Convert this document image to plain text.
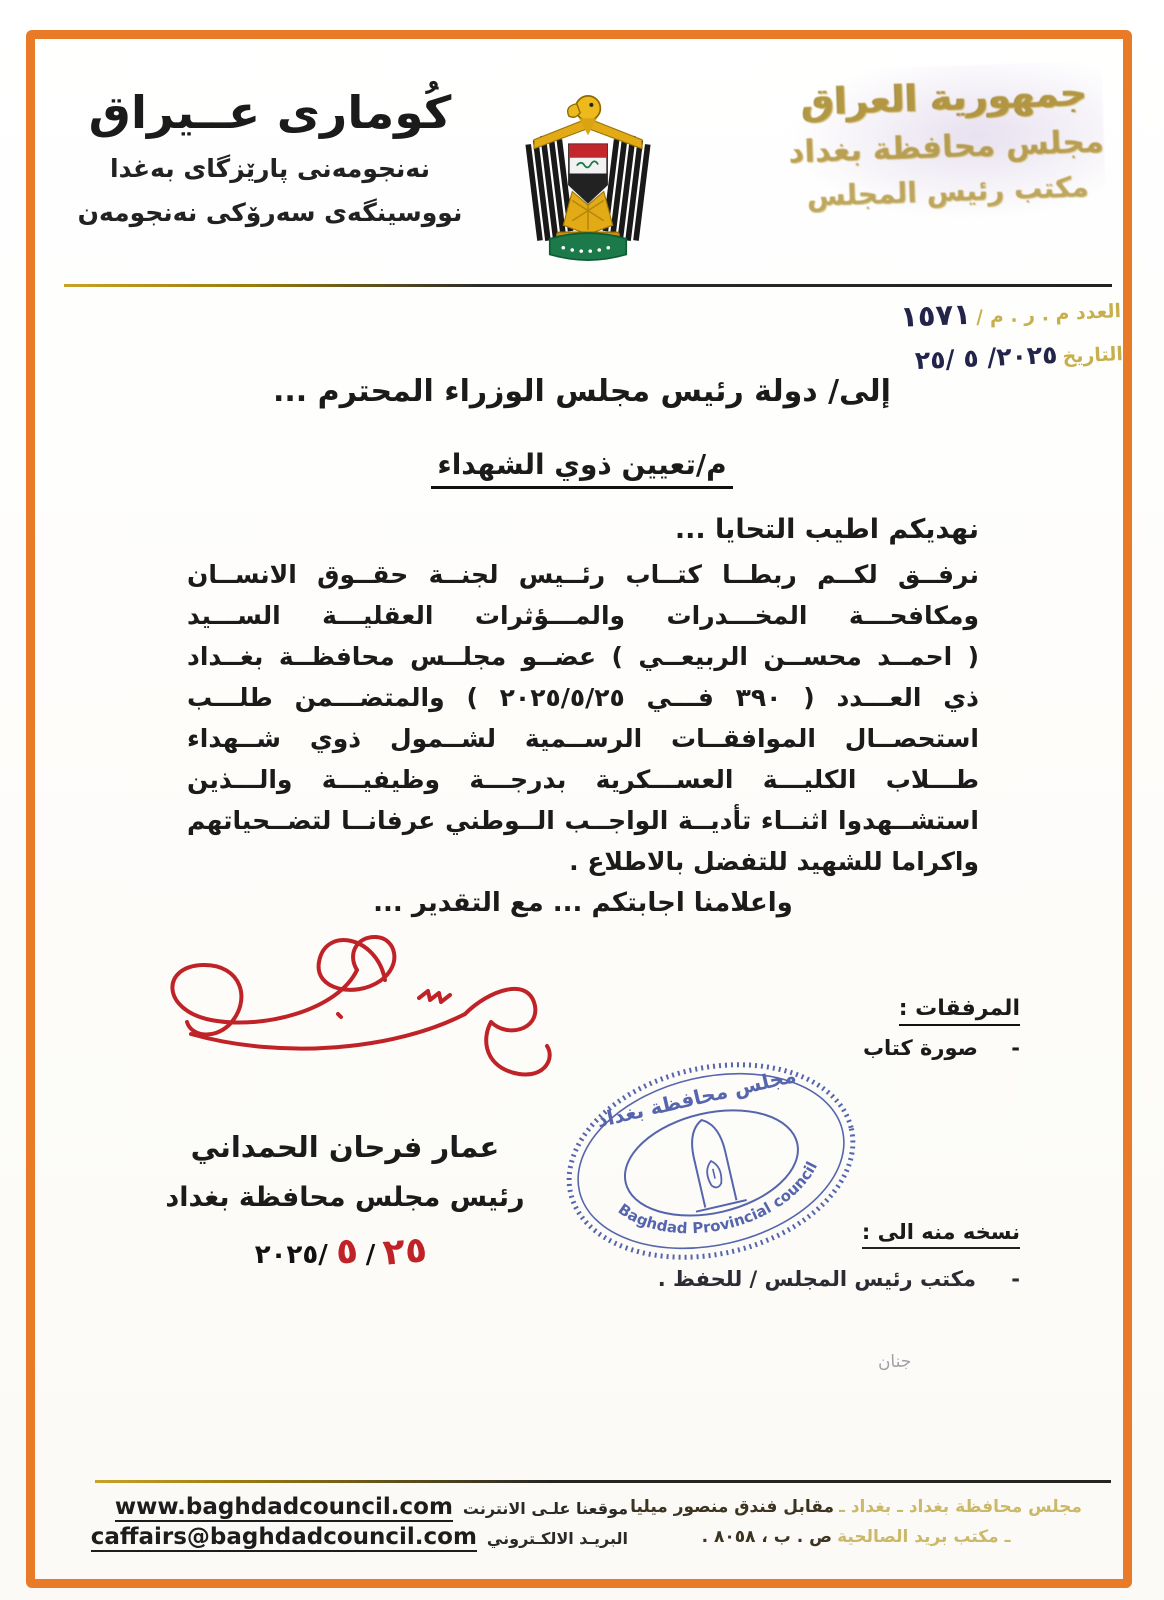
كُوماری عــيراق
نەنجومەنی پارێزگای بەغدا
نووسینگەی سەرۆکی نەنجومەن
جمهورية العراق
مجلس محافظة بغداد
مكتب رئيس المجلس
العدد م . ر . م / ١٥٧١
التاريخ ٢٠٢٥/ ٥ /٢٥
إلى/ دولة رئيس مجلس الوزراء المحترم ...
م/تعيين ذوي الشهداء
نهديكم اطيب التحايا ...
نرفــق لكــم ربطــا كتــاب رئــيس لجنــة حقــوق الانســان
ومكافحـــة المخـــدرات والمـــؤثرات العقليـــة الســـيد
( احمــد محســن الربيعــي ) عضــو مجلــس محافظــة بغــداد
ذي العـــدد ( ٣٩٠ فـــي ٢٠٢٥/٥/٢٥ ) والمتضـــمن طلـــب
استحصــال الموافقــات الرســمية لشــمول ذوي شــهداء
طـــلاب الكليـــة العســـكرية بدرجـــة وظيفيـــة والـــذين
استشــهدوا اثنــاء تأديــة الواجــب الــوطني عرفانــا لتضــحياتهم
واكراما للشهيد للتفضل بالاطلاع .
واعلامنا اجابتكم ... مع التقدير ...
المرفقات :
- صورة كتاب
مجلس محافظة بغداد
Baghdad Provincial council
عمار فرحان الحمداني
رئيس مجلس محافظة بغداد
٢٠٢٥/ ٥ / ٢٥	نسخه منه الى :
- مكتب رئيس المجلس / للحفظ .
جنان
موقعنا علـى الانترنت
www.baghdadcouncil.com
البريـد الالكـتروني
caffairs@baghdadcouncil.com
مجلس محافظة بغداد ـ بغداد ـ مقابل فندق منصور ميليا
ـ مكتب بريد الصالحية ص . ب ، ٨٠٥٨ .
